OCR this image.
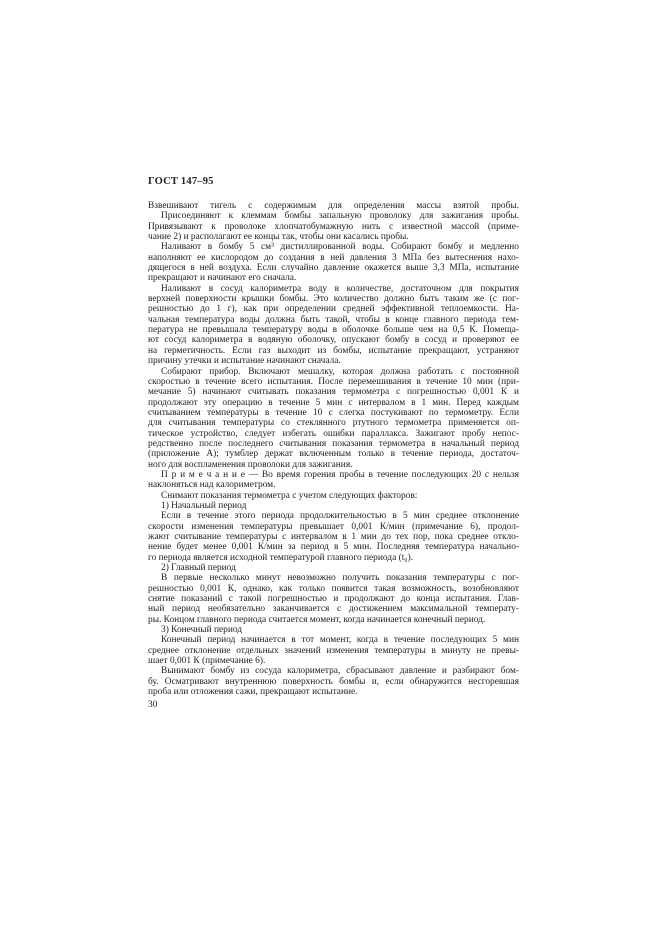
ГОСТ 147–95
Взвешивают тигель с содержимым для определения массы взятой пробы.
Присоединяют к клеммам бомбы запальную проволоку для зажигания пробы.
Привязывают к проволоке хлопчатобумажную нить с известной массой (приме-
чание 2) и располагают ее концы так, чтобы они касались пробы.
Наливают в бомбу 5 см³ дистиллированной воды. Собирают бомбу и медленно
наполняют ее кислородом до создания в ней давления 3 МПа без вытеснения нахо-
дящегося в ней воздуха. Если случайно давление окажется выше 3,3 МПа, испытание
прекращают и начинают его сначала.
Наливают в сосуд калориметра воду в количестве, достаточном для покрытия
верхней поверхности крышки бомбы. Это количество должно быть таким же (с пог-
решностью до 1 г), как при определении средней эффективной теплоемкости. На-
чальная температура воды должна быть такой, чтобы в конце главного периода тем-
пература не превышала температуру воды в оболочке больше чем на 0,5 К. Помеща-
ют сосуд калориметра в водяную оболочку, опускают бомбу в сосуд и проверяют ее
на герметичность. Если газ выходит из бомбы, испытание прекращают, устраняют
причину утечки и испытание начинают сначала.
Собирают прибор. Включают мешалку, которая должна работать с постоянной
скоростью в течение всего испытания. После перемешивания в течение 10 мин (при-
мечание 5) начинают считывать показания термометра с погрешностью 0,001 К и
продолжают эту операцию в течение 5 мин с интервалом в 1 мин. Перед каждым
считыванием температуры в течение 10 с слегка постукивают по термометру. Если
для считывания температуры со стеклянного ртутного термометра применяется оп-
тическое устройство, следует избегать ошибки параллакса. Зажигают пробу непос-
редственно после последнего считывания показания термометра в начальный период
(приложение А); тумблер держат включенным только в течение периода, достаточ-
ного для воспламенения проволоки для зажигания.
П р и м е ч а н и е — Во время горения пробы в течение последующих 20 с нельзя
наклоняться над калориметром.
Снимают показания термометра с учетом следующих факторов:
1) Начальный период
Если в течение этого периода продолжительностью в 5 мин среднее отклонение
скорости изменения температуры превышает 0,001 К/мин (примечание 6), продол-
жают считывание температуры с интервалом в 1 мин до тех пор, пока среднее откло-
нение будет менее 0,001 К/мин за период в 5 мин. Последняя температура начально-
го периода является исходной температурой главного периода (t₀).
2) Главный период
В первые несколько минут невозможно получить показания температуры с пог-
решностью 0,001 К, однако, как только появится такая возможность, возобновляют
снятие показаний с такой погрешностью и продолжают до конца испытания. Глав-
ный период необязательно заканчивается с достижением максимальной температу-
ры. Концом главного периода считается момент, когда начинается конечный период.
3) Конечный период
Конечный период начинается в тот момент, когда в течение последующих 5 мин
среднее отклонение отдельных значений изменения температуры в минуту не превы-
шает 0,001 К (примечание 6).
Вынимают бомбу из сосуда калориметра, сбрасывают давление и разбирают бом-
бу. Осматривают внутреннюю поверхность бомбы и, если обнаружится несгоревшая
проба или отложения сажи, прекращают испытание.
30
